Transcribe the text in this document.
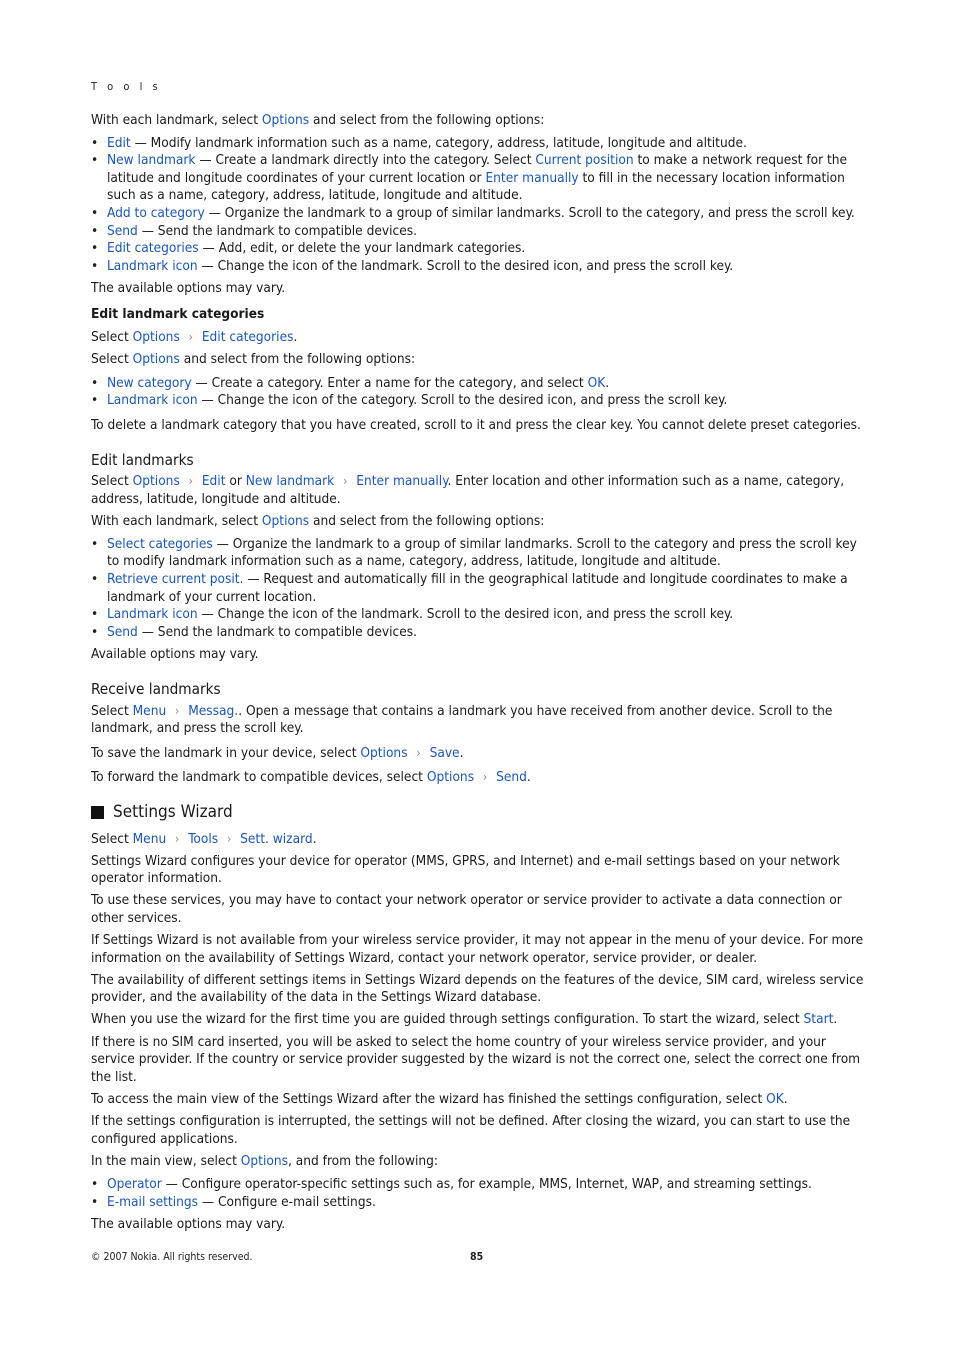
T o o l s

With each landmark, select Options and select from the following options:

• Edit — Modify landmark information such as a name, category, address, latitude, longitude and altitude.
• New landmark — Create a landmark directly into the category. Select Current position to make a network request for the latitude and longitude coordinates of your current location or Enter manually to fill in the necessary location information such as a name, category, address, latitude, longitude and altitude.
• Add to category — Organize the landmark to a group of similar landmarks. Scroll to the category, and press the scroll key.
• Send — Send the landmark to compatible devices.
• Edit categories — Add, edit, or delete the your landmark categories.
• Landmark icon — Change the icon of the landmark. Scroll to the desired icon, and press the scroll key.

The available options may vary.

Edit landmark categories

Select Options › Edit categories.

Select Options and select from the following options:

• New category — Create a category. Enter a name for the category, and select OK.
• Landmark icon — Change the icon of the category. Scroll to the desired icon, and press the scroll key.

To delete a landmark category that you have created, scroll to it and press the clear key. You cannot delete preset categories.

Edit landmarks

Select Options › Edit or New landmark › Enter manually. Enter location and other information such as a name, category, address, latitude, longitude and altitude.

With each landmark, select Options and select from the following options:

• Select categories — Organize the landmark to a group of similar landmarks. Scroll to the category and press the scroll key to modify landmark information such as a name, category, address, latitude, longitude and altitude.
• Retrieve current posit. — Request and automatically fill in the geographical latitude and longitude coordinates to make a landmark of your current location.
• Landmark icon — Change the icon of the landmark. Scroll to the desired icon, and press the scroll key.
• Send — Send the landmark to compatible devices.

Available options may vary.

Receive landmarks

Select Menu › Messag.. Open a message that contains a landmark you have received from another device. Scroll to the landmark, and press the scroll key.

To save the landmark in your device, select Options › Save.

To forward the landmark to compatible devices, select Options › Send.

Settings Wizard

Select Menu › Tools › Sett. wizard.

Settings Wizard configures your device for operator (MMS, GPRS, and Internet) and e-mail settings based on your network operator information.

To use these services, you may have to contact your network operator or service provider to activate a data connection or other services.

If Settings Wizard is not available from your wireless service provider, it may not appear in the menu of your device. For more information on the availability of Settings Wizard, contact your network operator, service provider, or dealer.

The availability of different settings items in Settings Wizard depends on the features of the device, SIM card, wireless service provider, and the availability of the data in the Settings Wizard database.

When you use the wizard for the first time you are guided through settings configuration. To start the wizard, select Start.

If there is no SIM card inserted, you will be asked to select the home country of your wireless service provider, and your service provider. If the country or service provider suggested by the wizard is not the correct one, select the correct one from the list.

To access the main view of the Settings Wizard after the wizard has finished the settings configuration, select OK.

If the settings configuration is interrupted, the settings will not be defined. After closing the wizard, you can start to use the configured applications.

In the main view, select Options, and from the following:

• Operator — Configure operator-specific settings such as, for example, MMS, Internet, WAP, and streaming settings.
• E-mail settings — Configure e-mail settings.

The available options may vary.

© 2007 Nokia. All rights reserved.	85
